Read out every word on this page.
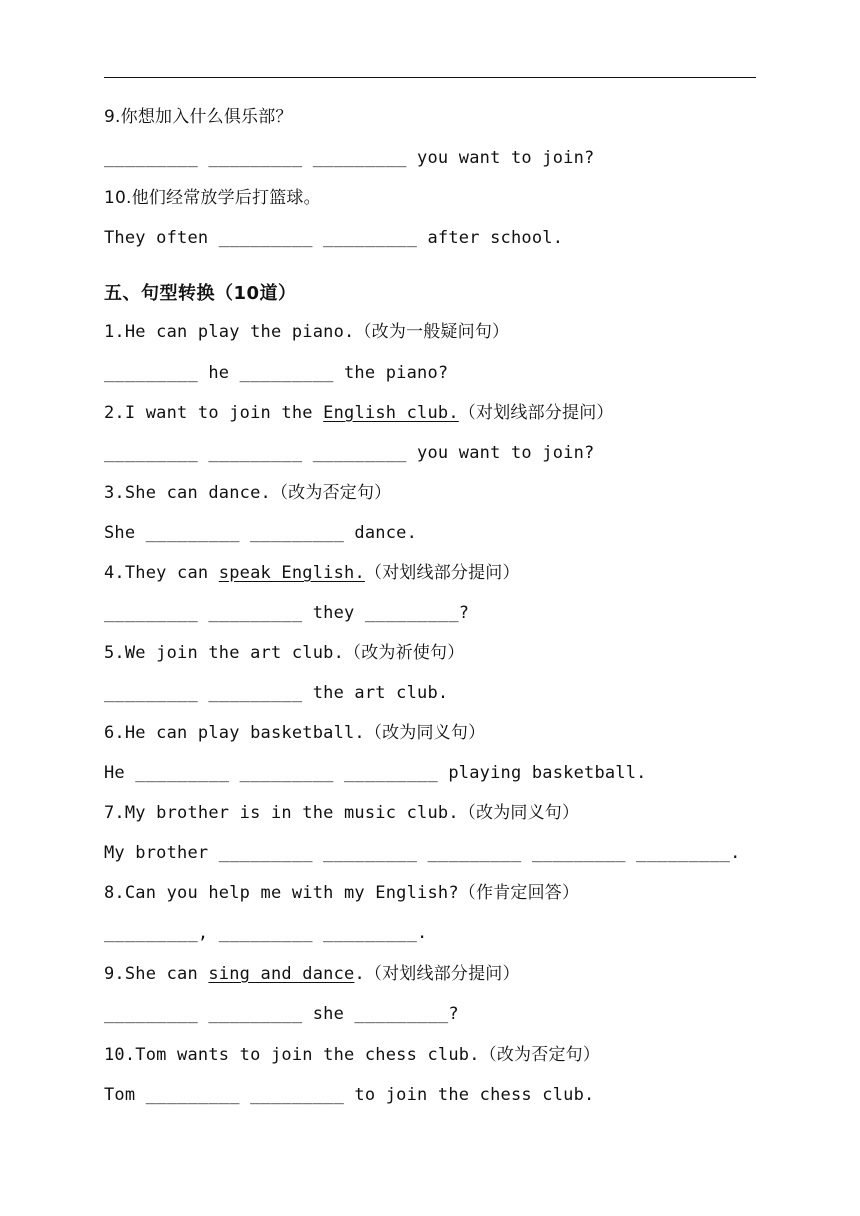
9.你想加入什么俱乐部？
_________ _________ _________ you want to join?
10.他们经常放学后打篮球。
They often _________ _________ after school.
五、句型转换（10道）
1.He can play the piano.（改为一般疑问句）
_________ he _________ the piano?
2.I want to join the English club.（对划线部分提问）
_________ _________ _________ you want to join?
3.She can dance.（改为否定句）
She _________ _________ dance.
4.They can speak English.（对划线部分提问）
_________ _________ they _________?
5.We join the art club.（改为祈使句）
_________ _________ the art club.
6.He can play basketball.（改为同义句）
He _________ _________ _________ playing basketball.
7.My brother is in the music club.（改为同义句）
My brother _________ _________ _________ _________ _________.
8.Can you help me with my English?（作肯定回答）
_________, _________ _________.
9.She can sing and dance.（对划线部分提问）
_________ _________ she _________?
10.Tom wants to join the chess club.（改为否定句）
Tom _________ _________ to join the chess club.
